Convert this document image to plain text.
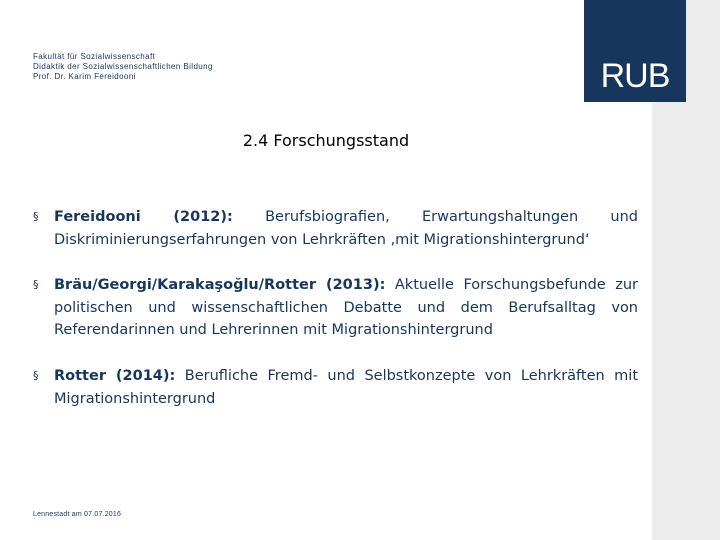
RUB
Fakultät für Sozialwissenschaft
Didaktik der Sozialwissenschaftlichen Bildung
Prof. Dr. Karim Fereidooni
2.4 Forschungsstand
§ Fereidooni (2012): Berufsbiografien, Erwartungshaltungen und Diskriminierungserfahrungen von Lehrkräften ‚mit Migrationshintergrund‘
§ Bräu/Georgi/Karakaşoğlu/Rotter (2013): Aktuelle Forschungsbefunde zur politischen und wissenschaftlichen Debatte und dem Berufsalltag von Referendarinnen und Lehrerinnen mit Migrationshintergrund
§ Rotter (2014): Berufliche Fremd- und Selbstkonzepte von Lehrkräften mit Migrationshintergrund
Lennestadt am 07.07.2016
